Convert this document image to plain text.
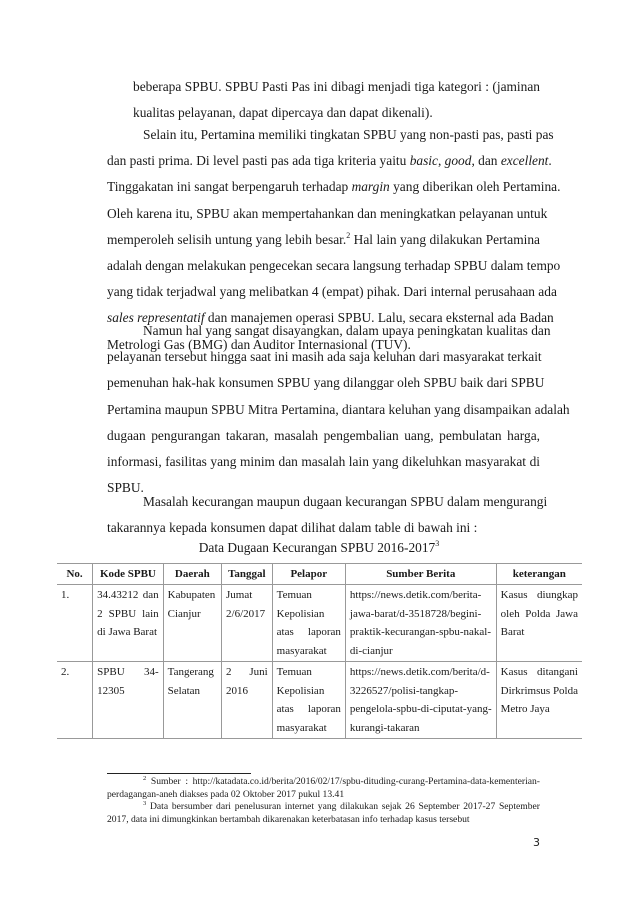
beberapa SPBU. SPBU Pasti Pas ini dibagi menjadi tiga kategori : (jaminan
kualitas pelayanan, dapat dipercaya dan dapat dikenali).
Selain itu, Pertamina memiliki tingkatan SPBU yang non-pasti pas, pasti pas
dan pasti prima. Di level pasti pas ada tiga kriteria yaitu basic, good, dan excellent.
Tinggakatan ini sangat berpengaruh terhadap margin yang diberikan oleh Pertamina.
Oleh karena itu, SPBU akan mempertahankan dan meningkatkan pelayanan untuk
memperoleh selisih untung yang lebih besar.$^2$ Hal lain yang dilakukan Pertamina
adalah dengan melakukan pengecekan secara langsung terhadap SPBU dalam tempo
yang tidak terjadwal yang melibatkan 4 (empat) pihak. Dari internal perusahaan ada
sales representatif dan manajemen operasi SPBU. Lalu, secara eksternal ada Badan
Metrologi Gas (BMG) dan Auditor Internasional (TUV).
Namun hal yang sangat disayangkan, dalam upaya peningkatan kualitas dan
pelayanan tersebut hingga saat ini masih ada saja keluhan dari masyarakat terkait
pemenuhan hak-hak konsumen SPBU yang dilanggar oleh SPBU baik dari SPBU
Pertamina maupun SPBU Mitra Pertamina, diantara keluhan yang disampaikan adalah
dugaan pengurangan takaran, masalah pengembalian uang, pembulatan harga,
informasi, fasilitas yang minim dan masalah lain yang dikeluhkan masyarakat di
SPBU.
Masalah kecurangan maupun dugaan kecurangan SPBU dalam mengurangi
takarannya kepada konsumen dapat dilihat dalam table di bawah ini :
Data Dugaan Kecurangan SPBU 2016-2017$^3$
No.	Kode SPBU	Daerah	Tanggal	Pelapor	Sumber Berita	keterangan
1.	34.43212 dan
2 SPBU lain
di Jawa Barat	Kabupaten
Cianjur	Jumat
2/6/2017	Temuan
Kepolisian
atas laporan
masyarakat	https://news.detik.com/berita-
jawa-barat/d-3518728/begini-
praktik-kecurangan-spbu-nakal-
di-cianjur	Kasus diungkap
oleh Polda Jawa
Barat

2.	SPBU 34-
12305	Tangerang
Selatan	2 Juni
2016	Temuan
Kepolisian
atas laporan
masyarakat	https://news.detik.com/berita/d-
3226527/polisi-tangkap-
pengelola-spbu-di-ciputat-yang-
kurangi-takaran	Kasus ditangani
Dirkrimsus Polda
Metro Jaya
$^2$ Sumber : http://katadata.co.id/berita/2016/02/17/spbu-dituding-curang-Pertamina-data-kementerian-
perdagangan-aneh diakses pada 02 Oktober 2017 pukul 13.41
$^3$ Data bersumber dari penelusuran internet yang dilakukan sejak 26 September 2017-27 September
2017, data ini dimungkinkan bertambah dikarenakan keterbatasan info terhadap kasus tersebut
3
